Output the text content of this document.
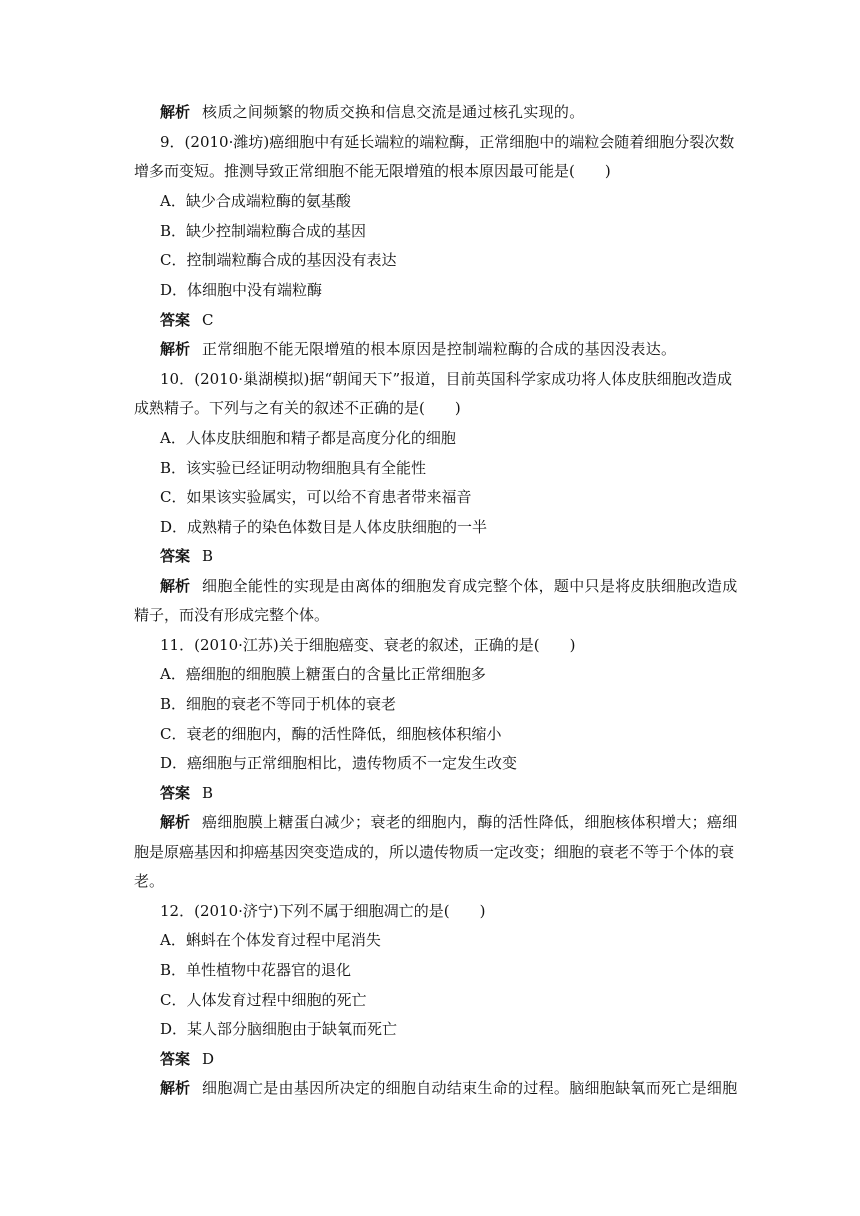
解析 核质之间频繁的物质交换和信息交流是通过核孔实现的。
9．(2010·潍坊)癌细胞中有延长端粒的端粒酶，正常细胞中的端粒会随着细胞分裂次数
增多而变短。推测导致正常细胞不能无限增殖的根本原因最可能是(　　)
A．缺少合成端粒酶的氨基酸
B．缺少控制端粒酶合成的基因
C．控制端粒酶合成的基因没有表达
D．体细胞中没有端粒酶
答案 C
解析 正常细胞不能无限增殖的根本原因是控制端粒酶的合成的基因没表达。
10．(2010·巢湖模拟)据“朝闻天下”报道，目前英国科学家成功将人体皮肤细胞改造成
成熟精子。下列与之有关的叙述不正确的是(　　)
A．人体皮肤细胞和精子都是高度分化的细胞
B．该实验已经证明动物细胞具有全能性
C．如果该实验属实，可以给不育患者带来福音
D．成熟精子的染色体数目是人体皮肤细胞的一半
答案 B
解析 细胞全能性的实现是由离体的细胞发育成完整个体，题中只是将皮肤细胞改造成
精子，而没有形成完整个体。
11．(2010·江苏)关于细胞癌变、衰老的叙述，正确的是(　　)
A．癌细胞的细胞膜上糖蛋白的含量比正常细胞多
B．细胞的衰老不等同于机体的衰老
C．衰老的细胞内，酶的活性降低，细胞核体积缩小
D．癌细胞与正常细胞相比，遗传物质不一定发生改变
答案 B
解析 癌细胞膜上糖蛋白减少；衰老的细胞内，酶的活性降低，细胞核体积增大；癌细
胞是原癌基因和抑癌基因突变造成的，所以遗传物质一定改变；细胞的衰老不等于个体的衰
老。
12．(2010·济宁)下列不属于细胞凋亡的是(　　)
A．蝌蚪在个体发育过程中尾消失
B．单性植物中花器官的退化
C．人体发育过程中细胞的死亡
D．某人部分脑细胞由于缺氧而死亡
答案 D
解析 细胞凋亡是由基因所决定的细胞自动结束生命的过程。脑细胞缺氧而死亡是细胞
